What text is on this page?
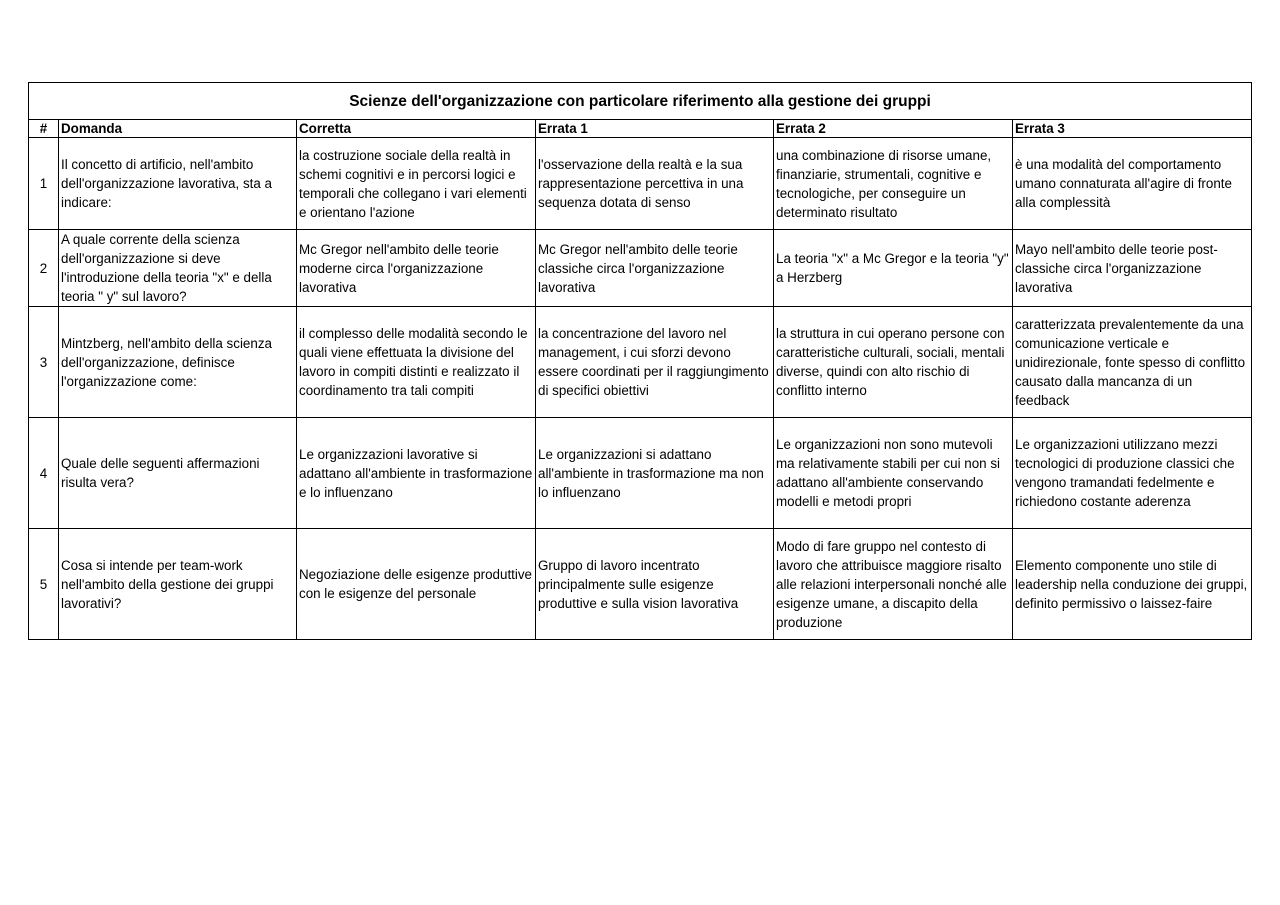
Scienze dell'organizzazione con particolare riferimento alla gestione dei gruppi					
#	Domanda	Corretta	Errata 1	Errata 2	Errata 3
1	Il concetto di artificio, nell'ambito dell'organizzazione lavorativa, sta a indicare:	la costruzione sociale della realtà in schemi cognitivi e in percorsi logici e temporali che collegano i vari elementi e orientano l'azione	l'osservazione della realtà e la sua rappresentazione percettiva in una sequenza dotata di senso	una combinazione di risorse umane, finanziarie, strumentali, cognitive e tecnologiche, per conseguire un determinato risultato	è una modalità del comportamento umano connaturata all'agire di fronte alla complessità
2	A quale corrente della scienza dell'organizzazione si deve l'introduzione della teoria "x" e della teoria " y" sul lavoro?	Mc Gregor nell'ambito delle teorie moderne circa l'organizzazione lavorativa	Mc Gregor nell'ambito delle teorie classiche circa l'organizzazione lavorativa	La teoria "x" a Mc Gregor e la teoria "y" a Herzberg	Mayo nell'ambito delle teorie post-classiche circa l'organizzazione lavorativa
3	Mintzberg, nell'ambito della scienza dell'organizzazione, definisce l'organizzazione come:	il complesso delle modalità secondo le quali viene effettuata la divisione del lavoro in compiti distinti e realizzato il coordinamento tra tali compiti	la concentrazione del lavoro nel management, i cui sforzi devono essere coordinati per il raggiungimento di specifici obiettivi	la struttura in cui operano persone con caratteristiche culturali, sociali, mentali diverse, quindi con alto rischio di conflitto interno	caratterizzata prevalentemente da una comunicazione verticale e unidirezionale, fonte spesso di conflitto causato dalla mancanza di un feedback
4	Quale delle seguenti affermazioni risulta vera?	Le organizzazioni lavorative si adattano all'ambiente in trasformazione e lo influenzano	Le organizzazioni si adattano all'ambiente in trasformazione ma non lo influenzano	Le organizzazioni non sono mutevoli ma relativamente stabili per cui non si adattano all'ambiente conservando modelli e metodi propri	Le organizzazioni utilizzano mezzi tecnologici di produzione classici che vengono tramandati fedelmente e richiedono costante aderenza
5	Cosa si intende per team-work nell'ambito della gestione dei gruppi lavorativi?	Negoziazione delle esigenze produttive con le esigenze del personale	Gruppo di lavoro incentrato principalmente sulle esigenze produttive e sulla vision lavorativa	Modo di fare gruppo nel contesto di lavoro che attribuisce maggiore risalto alle relazioni interpersonali nonché alle esigenze umane, a discapito della produzione	Elemento componente uno stile di leadership nella conduzione dei gruppi, definito permissivo o laissez-faire
